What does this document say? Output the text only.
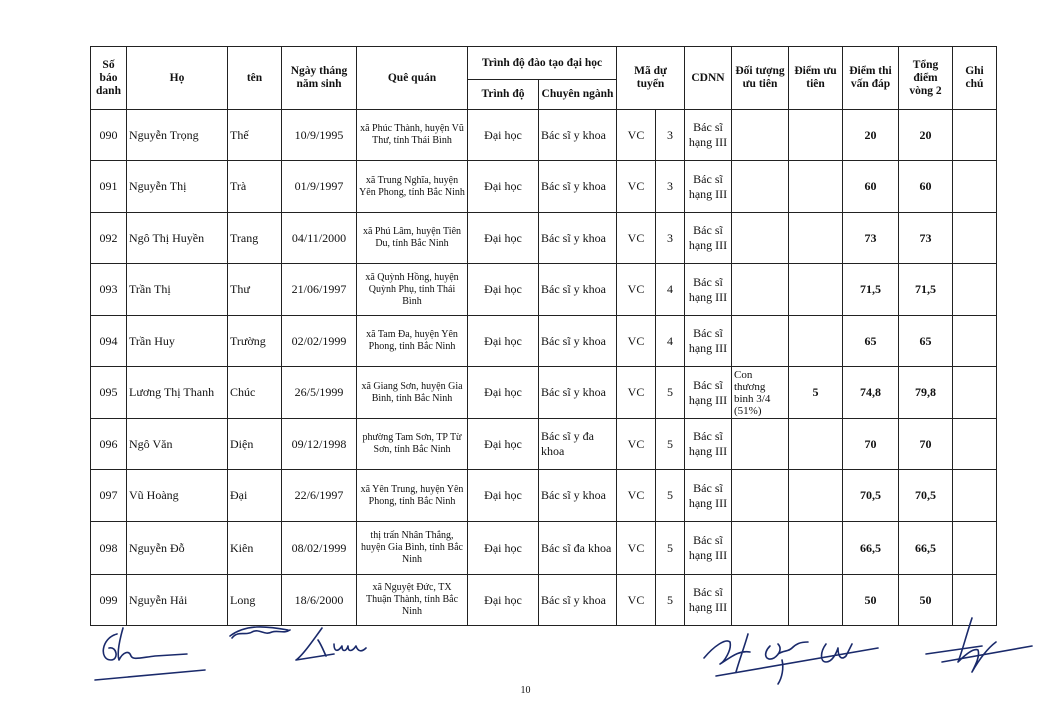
Số báo danh	Họ	tên	Ngày tháng năm sinh	Quê quán	Trình độ đào tạo đại học		Mã dự tuyển		CDNN	Đối tượng ưu tiên	Điểm ưu tiên	Điểm thi vấn đáp	Tổng điểm vòng 2	Ghi chú
					Trình độ	Chuyên ngành								
090	Nguyễn Trọng	Thế	10/9/1995	xã Phúc Thành, huyện Vũ Thư, tỉnh Thái Bình	Đại học	Bác sĩ y khoa	VC	3	Bác sĩ hạng III			20	20	
091	Nguyễn Thị	Trà	01/9/1997	xã Trung Nghĩa, huyện Yên Phong, tỉnh Bắc Ninh	Đại học	Bác sĩ y khoa	VC	3	Bác sĩ hạng III			60	60	
092	Ngô Thị Huyền	Trang	04/11/2000	xã Phú Lâm, huyện Tiên Du, tỉnh Bắc Ninh	Đại học	Bác sĩ y khoa	VC	3	Bác sĩ hạng III			73	73	
093	Trần Thị	Thư	21/06/1997	xã Quỳnh Hồng, huyện Quỳnh Phụ, tỉnh Thái Bình	Đại học	Bác sĩ y khoa	VC	4	Bác sĩ hạng III			71,5	71,5	
094	Trần Huy	Trường	02/02/1999	xã Tam Đa, huyện Yên Phong, tỉnh Bắc Ninh	Đại học	Bác sĩ y khoa	VC	4	Bác sĩ hạng III			65	65	
095	Lương Thị Thanh	Chúc	26/5/1999	xã Giang Sơn, huyện Gia Bình, tỉnh Bắc Ninh	Đại học	Bác sĩ y khoa	VC	5	Bác sĩ hạng III	Con thương binh 3/4 (51%)	5	74,8	79,8	
096	Ngô Văn	Diện	09/12/1998	phường Tam Sơn, TP Từ Sơn, tỉnh Bắc Ninh	Đại học	Bác sĩ y đa khoa	VC	5	Bác sĩ hạng III			70	70	
097	Vũ Hoàng	Đại	22/6/1997	xã Yên Trung, huyện Yên Phong, tỉnh Bắc Ninh	Đại học	Bác sĩ y khoa	VC	5	Bác sĩ hạng III			70,5	70,5	
098	Nguyễn Đỗ	Kiên	08/02/1999	thị trấn Nhân Thắng, huyện Gia Bình, tỉnh Bắc Ninh	Đại học	Bác sĩ đa khoa	VC	5	Bác sĩ hạng III			66,5	66,5	
099	Nguyễn Hải	Long	18/6/2000	xã Nguyệt Đức, TX Thuận Thành, tỉnh Bắc Ninh	Đại học	Bác sĩ y khoa	VC	5	Bác sĩ hạng III			50	50	
10
